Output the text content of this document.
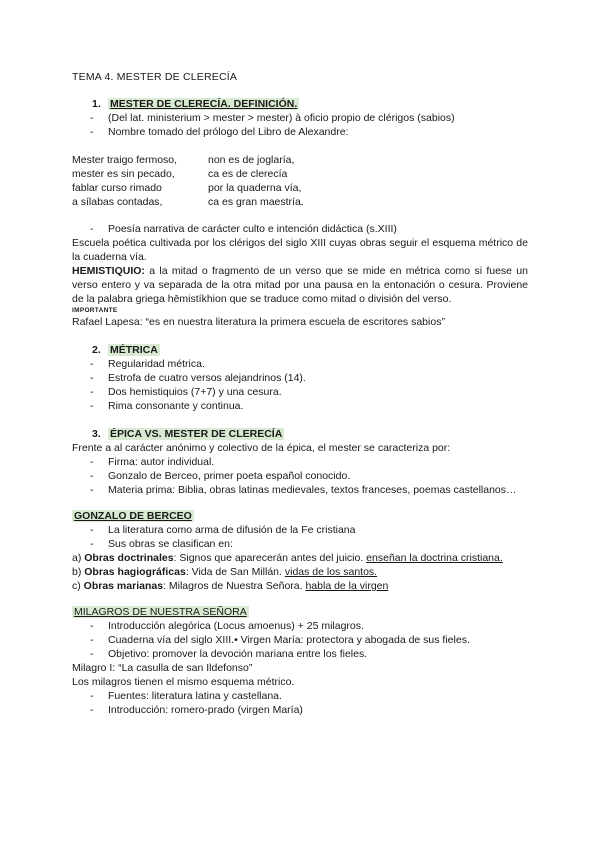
TEMA 4. MESTER DE CLERECÍA

1. MESTER DE CLERECÍA. DEFINICIÓN.

- (Del lat. ministerium > mester > mester) à oficio propio de clérigos (sabios)
- Nombre tomado del prólogo del Libro de Alexandre:
Mester traigo fermoso,	non es de joglaría,
mester es sin pecado,	ca es de clerecía
fablar curso rimado	por la quaderna vía,
a sílabas contadas,	ca es gran maestría.
- Poesía narrativa de carácter culto e intención didáctica (s.XIII)

Escuela poética cultivada por los clérigos del siglo XIII cuyas obras seguir el esquema métrico de la cuaderna vía.

HEMISTIQUIO: a la mitad o fragmento de un verso que se mide en métrica como si fuese un verso entero y va separada de la otra mitad por una pausa en la entonación o cesura. Proviene de la palabra griega hēmistíkhion que se traduce como mitad o división del verso.

IMPORTANTE

Rafael Lapesa: “es en nuestra literatura la primera escuela de escritores sabios”

2. MÉTRICA

- Regularidad métrica.
- Estrofa de cuatro versos alejandrinos (14).
- Dos hemistiquios (7+7) y una cesura.
- Rima consonante y continua.

3. ÉPICA VS. MESTER DE CLERECÍA

Frente a al carácter anónimo y colectivo de la épica, el mester se caracteriza por:

- Firma: autor individual.
- Gonzalo de Berceo, primer poeta español conocido.
- Materia prima: Biblia, obras latinas medievales, textos franceses, poemas castellanos…

GONZALO DE BERCEO

- La literatura como arma de difusión de la Fe cristiana
- Sus obras se clasifican en:

a) Obras doctrinales: Signos que aparecerán antes del juicio. enseñan la doctrina cristiana.

b) Obras hagiográficas: Vida de San Millán. vidas de los santos.

c) Obras marianas: Milagros de Nuestra Señora. habla de la virgen

MILAGROS DE NUESTRA SEÑORA

- Introducción alegórica (Locus amoenus) + 25 milagros.
- Cuaderna vía del siglo XIII.• Virgen María: protectora y abogada de sus fieles.
- Objetivo: promover la devoción mariana entre los fieles.

Milagro I: “La casulla de san Ildefonso”

Los milagros tienen el mismo esquema métrico.

- Fuentes: literatura latina y castellana.
- Introducción: romero-prado (virgen María)
